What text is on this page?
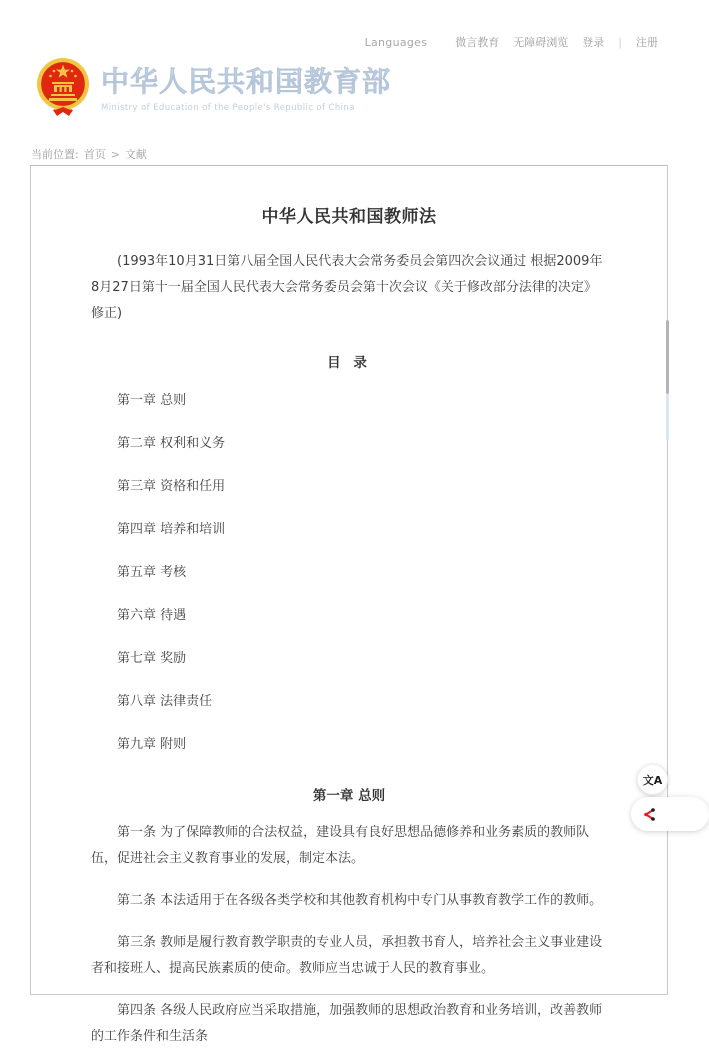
Languages	微言教育 无障碍浏览 登录 | 注册
中华人民共和国教育部
Ministry of Education of the People's Republic of China
当前位置: 首页 > 文献
中华人民共和国教师法

(1993年10月31日第八届全国人民代表大会常务委员会第四次会议通过 根据2009年8月27日第十一届全国人民代表大会常务委员会第十次会议《关于修改部分法律的决定》修正)

目 录

第一章 总则

第二章 权利和义务

第三章 资格和任用

第四章 培养和培训

第五章 考核

第六章 待遇

第七章 奖励

第八章 法律责任

第九章 附则

第一章 总则

第一条 为了保障教师的合法权益，建设具有良好思想品德修养和业务素质的教师队伍，促进社会主义教育事业的发展，制定本法。

第二条 本法适用于在各级各类学校和其他教育机构中专门从事教育教学工作的教师。

第三条 教师是履行教育教学职责的专业人员，承担教书育人，培养社会主义事业建设者和接班人、提高民族素质的使命。教师应当忠诚于人民的教育事业。

第四条 各级人民政府应当采取措施，加强教师的思想政治教育和业务培训，改善教师的工作条件和生活条

文A
